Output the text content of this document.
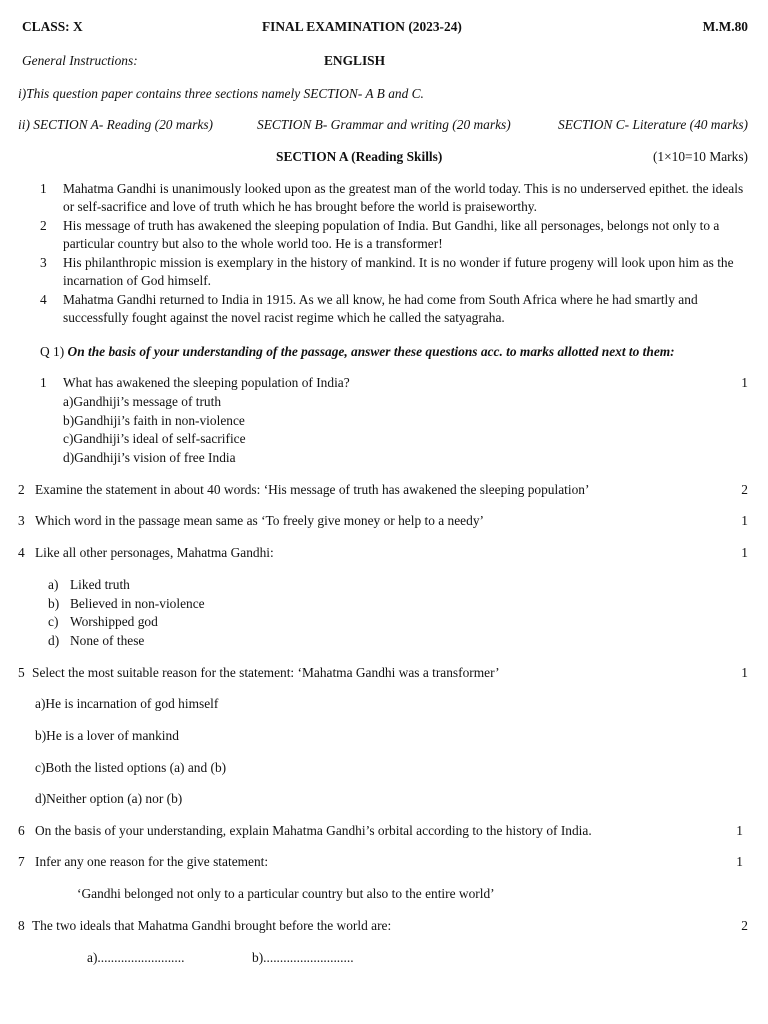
CLASS: X	FINAL EXAMINATION (2023-24)	M.M.80
General Instructions:	ENGLISH
i)This question paper contains three sections namely SECTION- A B and C.
ii) SECTION A- Reading (20 marks)	SECTION B- Grammar and writing (20 marks)	SECTION C- Literature (40 marks)
SECTION A (Reading Skills)	(1×10=10 Marks)
1 Mahatma Gandhi is unanimously looked upon as the greatest man of the world today. This is no underserved epithet. the ideals or self-sacrifice and love of truth which he has brought before the world is praiseworthy.
2 His message of truth has awakened the sleeping population of India. But Gandhi, like all personages, belongs not only to a particular country but also to the whole world too. He is a transformer!
3 His philanthropic mission is exemplary in the history of mankind. It is no wonder if future progeny will look upon him as the incarnation of God himself.
4 Mahatma Gandhi returned to India in 1915. As we all know, he had come from South Africa where he had smartly and successfully fought against the novel racist regime which he called the satyagraha.
Q 1) On the basis of your understanding of the passage, answer these questions acc. to marks allotted next to them:
1 What has awakened the sleeping population of India?	1
a)Gandhiji’s message of truth
b)Gandhiji’s faith in non-violence
c)Gandhiji’s ideal of self-sacrifice
d)Gandhiji’s vision of free India
2 Examine the statement in about 40 words: ‘His message of truth has awakened the sleeping population’	2
3 Which word in the passage mean same as ‘To freely give money or help to a needy’	1
4 Like all other personages, Mahatma Gandhi:	1
a) Liked truth
b) Believed in non-violence
c) Worshipped god
d) None of these
5 Select the most suitable reason for the statement: ‘Mahatma Gandhi was a transformer’	1
a)He is incarnation of god himself
b)He is a lover of mankind
c)Both the listed options (a) and (b)
d)Neither option (a) nor (b)
6 On the basis of your understanding, explain Mahatma Gandhi’s orbital according to the history of India.	1
7 Infer any one reason for the give statement:	1
‘Gandhi belonged not only to a particular country but also to the entire world’
8 The two ideals that Mahatma Gandhi brought before the world are:	2
a)..........................	b)...........................
